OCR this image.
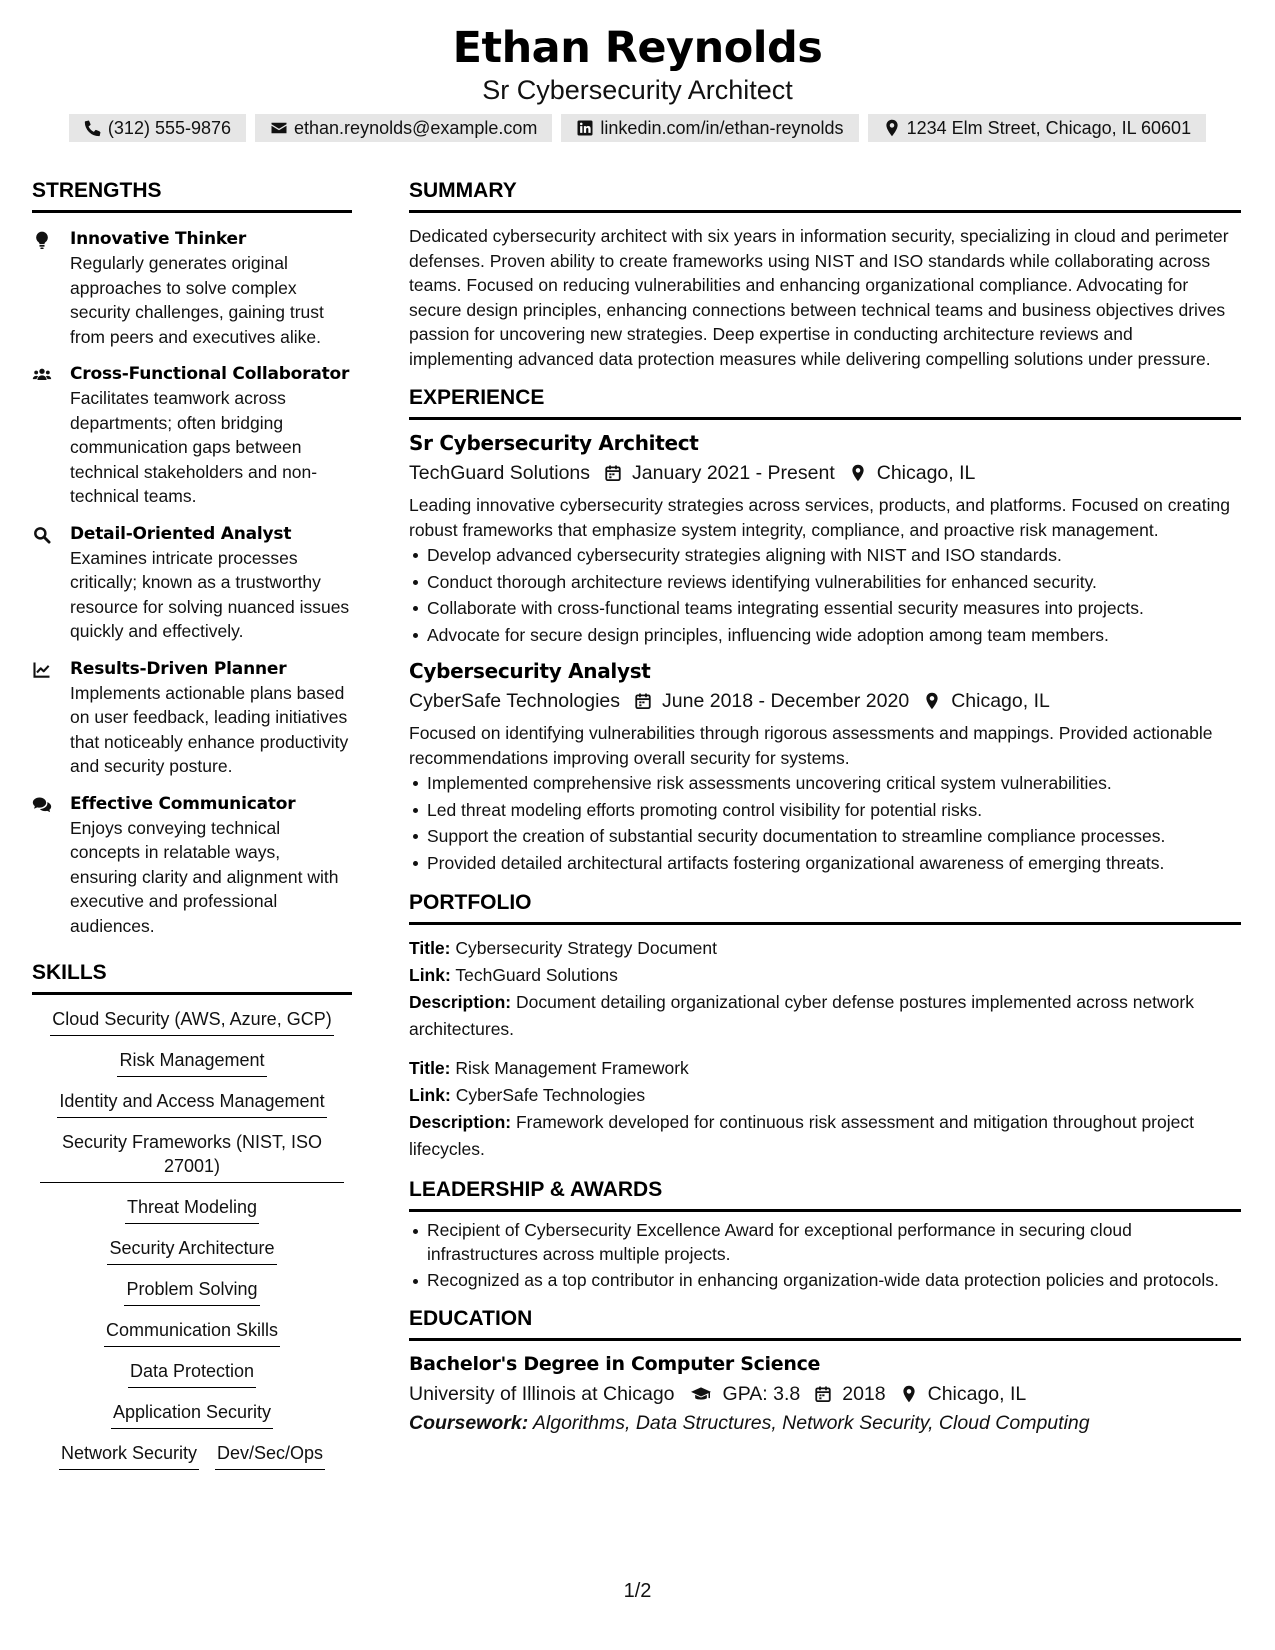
Ethan Reynolds
Sr Cybersecurity Architect
(312) 555-9876	ethan.reynolds@example.com	linkedin.com/in/ethan-reynolds	1234 Elm Street, Chicago, IL 60601
STRENGTHS
Innovative Thinker
Regularly generates original approaches to solve complex security challenges, gaining trust from peers and executives alike.
Cross-Functional Collaborator
Facilitates teamwork across departments; often bridging communication gaps between technical stakeholders and non-technical teams.
Detail-Oriented Analyst
Examines intricate processes critically; known as a trustworthy resource for solving nuanced issues quickly and effectively.
Results-Driven Planner
Implements actionable plans based on user feedback, leading initiatives that noticeably enhance productivity and security posture.
Effective Communicator
Enjoys conveying technical concepts in relatable ways, ensuring clarity and alignment with executive and professional audiences.
SKILLS
Cloud Security (AWS, Azure, GCP)
Risk Management
Identity and Access Management
Security Frameworks (NIST, ISO 27001)
Threat Modeling
Security Architecture
Problem Solving
Communication Skills
Data Protection
Application Security
Network Security Dev/Sec/Ops
SUMMARY

Dedicated cybersecurity architect with six years in information security, specializing in cloud and perimeter defenses. Proven ability to create frameworks using NIST and ISO standards while collaborating across teams. Focused on reducing vulnerabilities and enhancing organizational compliance. Advocating for secure design principles, enhancing connections between technical teams and business objectives drives passion for uncovering new strategies. Deep expertise in conducting architecture reviews and implementing advanced data protection measures while delivering compelling solutions under pressure.

EXPERIENCE
Sr Cybersecurity Architect
TechGuard Solutions January 2021 - Present Chicago, IL

Leading innovative cybersecurity strategies across services, products, and platforms. Focused on creating robust frameworks that emphasize system integrity, compliance, and proactive risk management.

Develop advanced cybersecurity strategies aligning with NIST and ISO standards.
Conduct thorough architecture reviews identifying vulnerabilities for enhanced security.
Collaborate with cross-functional teams integrating essential security measures into projects.
Advocate for secure design principles, influencing wide adoption among team members.
Cybersecurity Analyst
CyberSafe Technologies June 2018 - December 2020 Chicago, IL

Focused on identifying vulnerabilities through rigorous assessments and mappings. Provided actionable recommendations improving overall security for systems.

Implemented comprehensive risk assessments uncovering critical system vulnerabilities.
Led threat modeling efforts promoting control visibility for potential risks.
Support the creation of substantial security documentation to streamline compliance processes.
Provided detailed architectural artifacts fostering organizational awareness of emerging threats.
PORTFOLIO
Title: Cybersecurity Strategy Document
Link: TechGuard Solutions
Description: Document detailing organizational cyber defense postures implemented across network architectures.
Title: Risk Management Framework
Link: CyberSafe Technologies
Description: Framework developed for continuous risk assessment and mitigation throughout project lifecycles.
LEADERSHIP & AWARDS
Recipient of Cybersecurity Excellence Award for exceptional performance in securing cloud infrastructures across multiple projects.
Recognized as a top contributor in enhancing organization-wide data protection policies and protocols.
EDUCATION
Bachelor's Degree in Computer Science
University of Illinois at Chicago GPA: 3.8 2018 Chicago, IL
Coursework: Algorithms, Data Structures, Network Security, Cloud Computing
1/2
